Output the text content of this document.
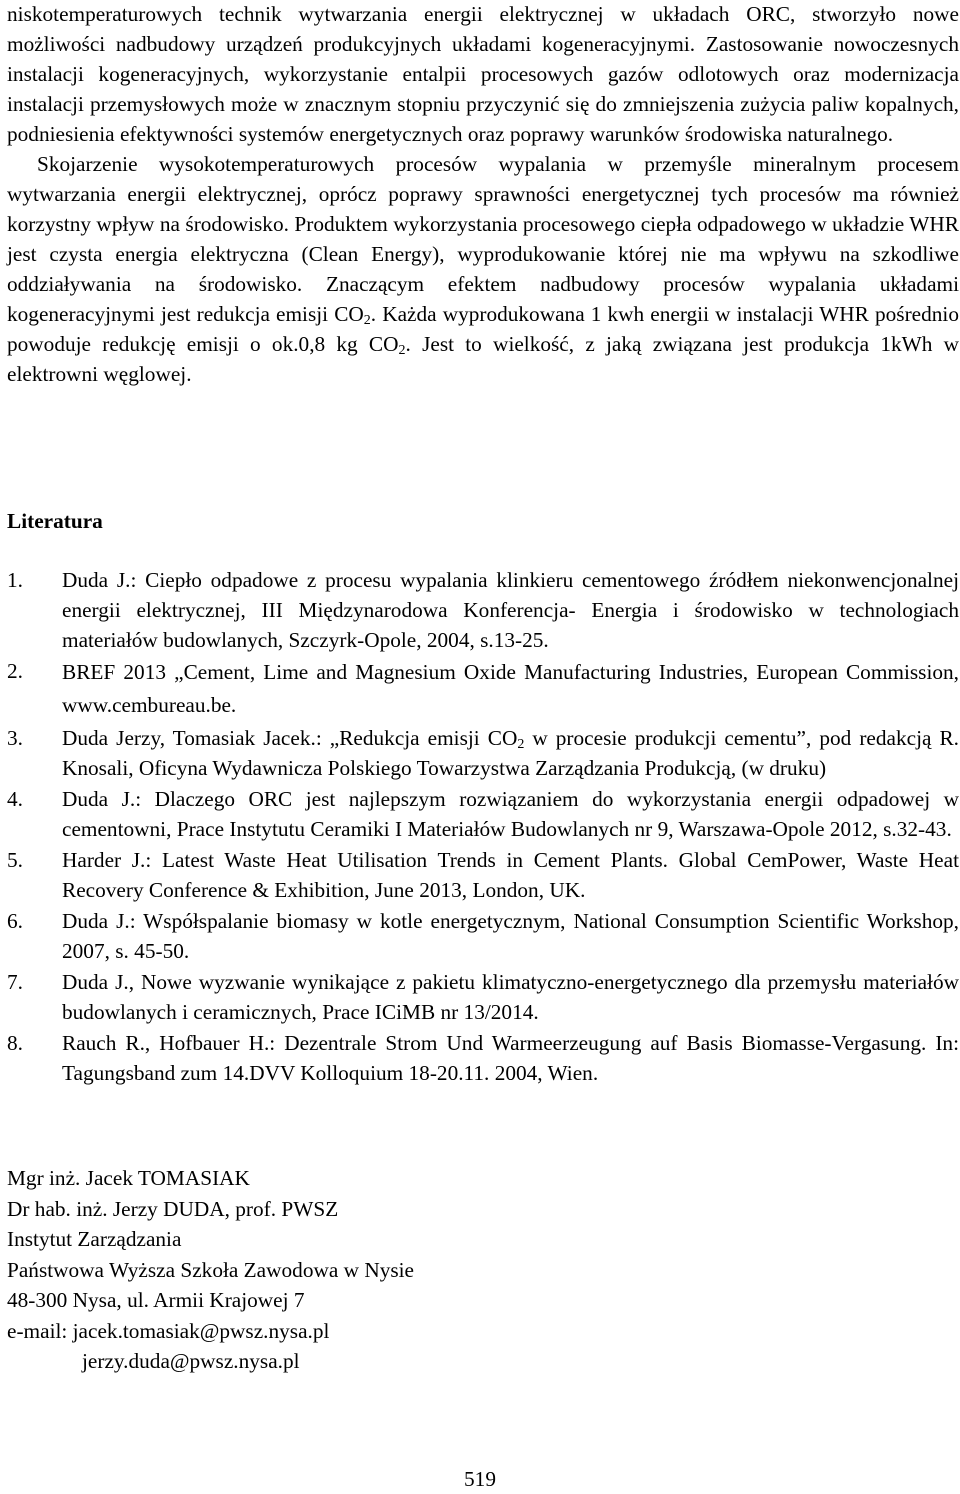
niskotemperaturowych technik wytwarzania energii elektrycznej w układach ORC, stworzyło nowe możliwości nadbudowy urządzeń produkcyjnych układami kogeneracyjnymi. Zastosowanie nowoczesnych instalacji kogeneracyjnych, wykorzystanie entalpii procesowych gazów odlotowych oraz modernizacja instalacji przemysłowych może w znacznym stopniu przyczynić się do zmniejszenia zużycia paliw kopalnych, podniesienia efektywności systemów energetycznych oraz poprawy warunków środowiska naturalnego.

Skojarzenie wysokotemperaturowych procesów wypalania w przemyśle mineralnym procesem wytwarzania energii elektrycznej, oprócz poprawy sprawności energetycznej tych procesów ma również korzystny wpływ na środowisko. Produktem wykorzystania procesowego ciepła odpadowego w układzie WHR jest czysta energia elektryczna (Clean Energy), wyprodukowanie której nie ma wpływu na szkodliwe oddziaływania na środowisko. Znaczącym efektem nadbudowy procesów wypalania układami kogeneracyjnymi jest redukcja emisji $CO_2$. Każda wyprodukowana 1 kwh energii w instalacji WHR pośrednio powoduje redukcję emisji o ok.0,8 kg $CO_2$. Jest to wielkość, z jaką związana jest produkcja 1kWh w elektrowni węglowej.

Literatura
1. Duda J.: Ciepło odpadowe z procesu wypalania klinkieru cementowego źródłem niekonwencjonalnej energii elektrycznej, III Międzynarodowa Konferencja- Energia i środowisko w technologiach materiałów budowlanych, Szczyrk-Opole, 2004, s.13-25.
2. BREF 2013 „Cement, Lime and Magnesium Oxide Manufacturing Industries, European Commission, www.cembureau.be.
3. Duda Jerzy, Tomasiak Jacek.: „Redukcja emisji $CO_2$ w procesie produkcji cementu”, pod redakcją R. Knosali, Oficyna Wydawnicza Polskiego Towarzystwa Zarządzania Produkcją, (w druku)
4. Duda J.: Dlaczego ORC jest najlepszym rozwiązaniem do wykorzystania energii odpadowej w cementowni, Prace Instytutu Ceramiki I Materiałów Budowlanych nr 9, Warszawa-Opole 2012, s.32-43.
5. Harder J.: Latest Waste Heat Utilisation Trends in Cement Plants. Global CemPower, Waste Heat Recovery Conference & Exhibition, June 2013, London, UK.
6. Duda J.: Współspalanie biomasy w kotle energetycznym, National Consumption Scientific Workshop, 2007, s. 45-50.
7. Duda J., Nowe wyzwanie wynikające z pakietu klimatyczno-energetycznego dla przemysłu materiałów budowlanych i ceramicznych, Prace ICiMB nr 13/2014.
8. Rauch R., Hofbauer H.: Dezentrale Strom Und Warmeerzeugung auf Basis Biomasse-Vergasung. In: Tagungsband zum 14.DVV Kolloquium 18-20.11. 2004, Wien.
Mgr inż. Jacek TOMASIAK
Dr hab. inż. Jerzy DUDA, prof. PWSZ
Instytut Zarządzania
Państwowa Wyższa Szkoła Zawodowa w Nysie
48-300 Nysa, ul. Armii Krajowej 7
e-mail: jacek.tomasiak@pwsz.nysa.pl
jerzy.duda@pwsz.nysa.pl
519
